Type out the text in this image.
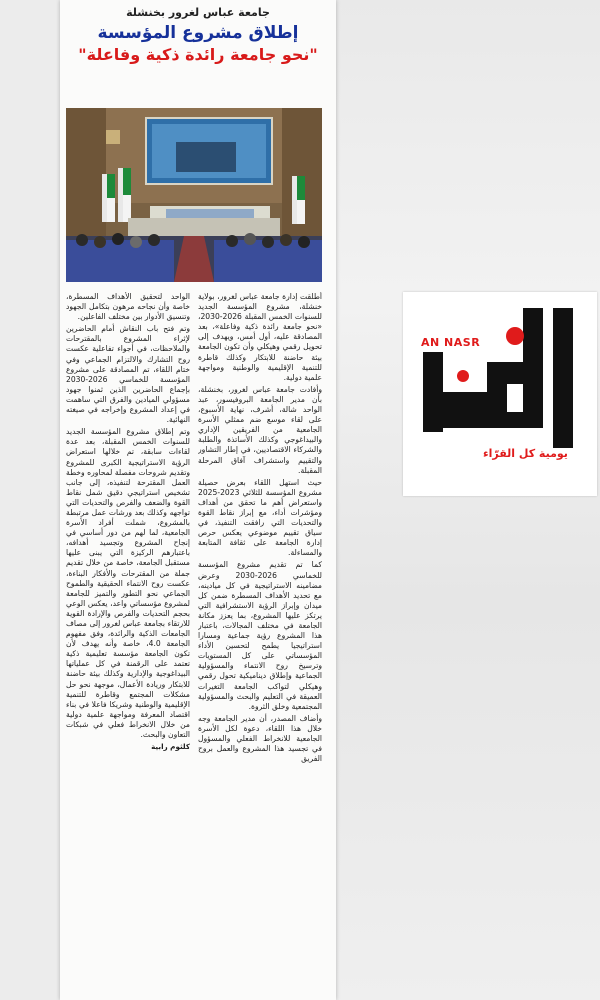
جامعة عباس لغرور بخنشلة
إطلاق مشروع المؤسسة
"نحو جامعة رائدة ذكية وفاعلة"

أطلقت إدارة جامعة عباس لغرور، بولاية خنشلة، مشروع المؤسسة الجديد للسنوات الخمس المقبلة 2026-2030، «نحو جامعة رائدة ذكية وفاعلة»، بعد المصادقة عليه، أول أمس، ويهدف إلى تحويل رقمي وهيكلي وأن تكون الجامعة بيئة حاضنة للابتكار وكذلك قاطرة للتنمية الإقليمية والوطنية ومواجهة علمية دولية.

وأفادت جامعة عباس لغرور، بخنشلة، بأن مدير الجامعة البروفيسور، عبد الواحد شالة، أشرف، نهاية الأسبوع، على لقاء موسع ضم ممثلي الأسرة الجامعية من الفريقين الإداري والبيداغوجي وكذلك الأساتذة والطلبة والشركاء الاقتصاديين، في إطار التشاور والتقييم واستشراف آفاق المرحلة المقبلة.

حيث استهل اللقاء بعرض حصيلة مشروع المؤسسة للثلاثي 2023-2025 واستعراض أهم ما تحقق من أهداف ومؤشرات أداء، مع إبراز نقاط القوة والتحديات التي رافقت التنفيذ، في سياق تقييم موضوعي يعكس حرص إدارة الجامعة على ثقافة المتابعة والمساءلة.

كما تم تقديم مشروع المؤسسة للخماسي 2026-2030 وعرض مضامينه الاستراتيجية في كل ميادينه، مع تحديد الأهداف المسطرة ضمن كل ميدان وإبراز الرؤية الاستشرافية التي يرتكز عليها المشروع، بما يعزز مكانة الجامعة في مختلف المجالات، باعتبار هذا المشروع رؤية جماعية ومسارا استراتيجيا يطمح لتحسين الأداء المؤسساتي على كل المستويات وترسيخ روح الانتماء والمسؤولية الجماعية وإطلاق ديناميكية تحول رقمي وهيكلي لتواكب الجامعة التغيرات العميقة في التعليم والبحث والمسؤولية المجتمعية وخلق الثروة.

وأضاف المصدر، أن مدير الجامعة وجه خلال هذا اللقاء، دعوة لكل الأسرة الجامعية للانخراط الفعلي والمسؤول في تجسيد هذا المشروع والعمل بروح الفريق

الواحد لتحقيق الأهداف المسطرة، خاصة وأن نجاحه مرهون بتكامل الجهود وتنسيق الأدوار بين مختلف الفاعلين.

وتم فتح باب النقاش أمام الحاضرين لإثراء المشروع بالمقترحات والملاحظات، في أجواء تفاعلية عكست روح التشارك والالتزام الجماعي وفي ختام اللقاء، تم المصادقة على مشروع المؤسسة للخماسي 2026-2030 بإجماع الحاضرين الذين ثمنوا جهود مسؤولي الميادين والفرق التي ساهمت في إعداد المشروع وإخراجه في صيغته النهائية.

وتم إطلاق مشروع المؤسسة الجديد للسنوات الخمس المقبلة، بعد عدة لقاءات سابقة، تم خلالها استعراض الرؤية الاستراتيجية الكبرى للمشروع وتقديم شروحات مفصلة لمحاوره وخطة العمل المقترحة لتنفيذه، إلى جانب تشخيص استراتيجي دقيق شمل نقاط القوة والضعف والفرص والتحديات التي تواجهه وكذلك بعد ورشات عمل مرتبطة بالمشروع، شملت أفراد الأسرة الجامعية، لما لهم من دور أساسي في إنجاح المشروع وتجسيد أهدافه، باعتبارهم الركيزة التي يبنى عليها مستقبل الجامعة، خاصة من خلال تقديم جملة من المقترحات والأفكار البناءة، عكست روح الانتماء الحقيقية والطموح الجماعي نحو التطور والتميز للجامعة لمشروع مؤسساتي واعد، يعكس الوعي بحجم التحديات والفرص والإرادة القوية للارتقاء بجامعة عباس لغرور إلى مصاف الجامعات الذكية والرائدة، وفق مفهوم الجامعة 4.0، خاصة وأنه يهدف لأن تكون الجامعة مؤسسة تعليمية ذكية تعتمد على الرقمنة في كل عملياتها البيداغوجية والإدارية وكذلك بيئة حاضنة للابتكار وريادة الأعمال، موجهة نحو حل مشكلات المجتمع وقاطرة للتنمية الإقليمية والوطنية وشريكا فاعلا في بناء اقتصاد المعرفة ومواجهة علمية دولية من خلال الانخراط فعلي في شبكات التعاون والبحث.

كلثوم رابية
AN NASR
يومية كل القرّاء
